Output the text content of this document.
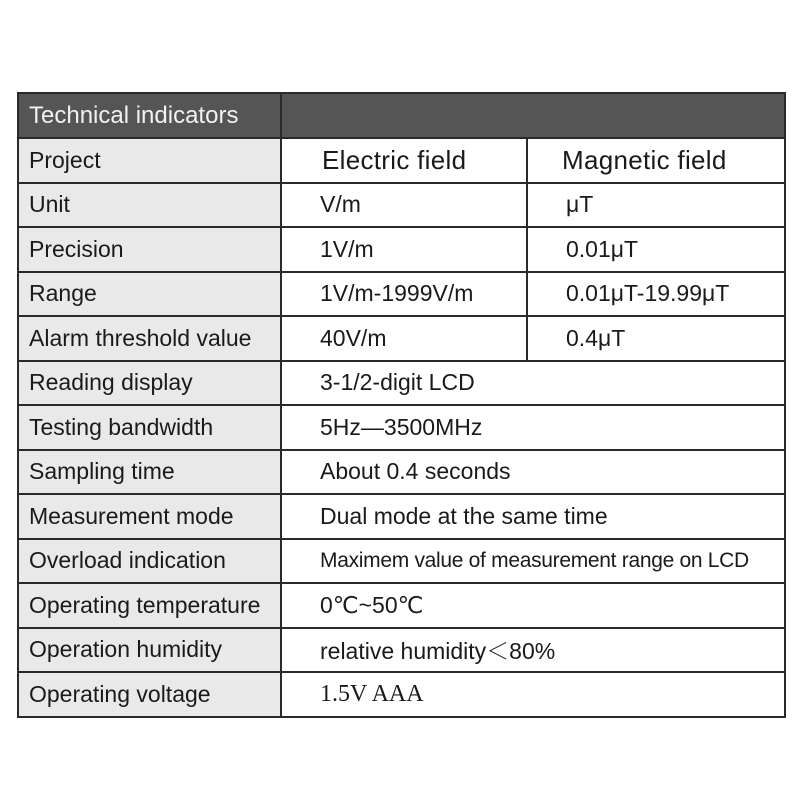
Technical indicators		
Project	Electric field	Magnetic field
Unit	V/m	μT
Precision	1V/m	0.01μT
Range	1V/m-1999V/m	0.01μT-19.99μT
Alarm threshold value	40V/m	0.4μT
Reading display	3-1/2-digit LCD	
Testing bandwidth	5Hz—3500MHz	
Sampling time	About 0.4 seconds	
Measurement mode	Dual mode at the same time	
Overload indication	Maximem value of measurement range on LCD	
Operating temperature	0℃~50℃	
Operation humidity	relative humidity＜80%	
Operating voltage	1.5V AAA	
